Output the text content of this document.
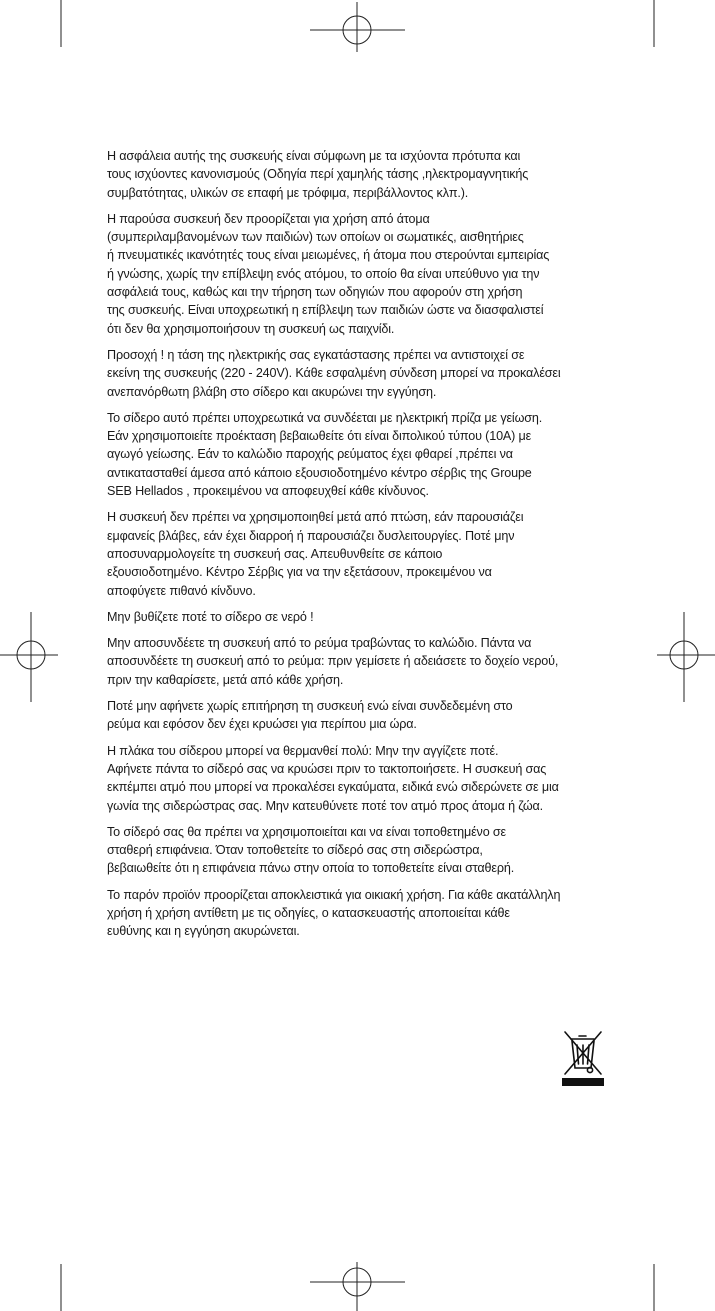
Η ασφάλεια αυτής της συσκευής είναι σύμφωνη με τα ισχύοντα πρότυπα και
τους ισχύοντες κανονισμούς (Οδηγία περί χαμηλής τάσης ,ηλεκτρομαγνητικής
συμβατότητας, υλικών σε επαφή με τρόφιμα, περιβάλλοντος κλπ.).
Η παρούσα συσκευή δεν προορίζεται για χρήση από άτομα
(συμπεριλαμβανομένων των παιδιών) των οποίων οι σωματικές, αισθητήριες
ή πνευματικές ικανότητές τους είναι μειωμένες, ή άτομα που στερούνται εμπειρίας
ή γνώσης, χωρίς την επίβλεψη ενός ατόμου, το οποίο θα είναι υπεύθυνο για την
ασφάλειά τους, καθώς και την τήρηση των οδηγιών που αφορούν στη χρήση
της συσκευής. Είναι υποχρεωτική η επίβλεψη των παιδιών ώστε να διασφαλιστεί
ότι δεν θα χρησιμοποιήσουν τη συσκευή ως παιχνίδι.
Προσοχή ! η τάση της ηλεκτρικής σας εγκατάστασης πρέπει να αντιστοιχεί σε
εκείνη της συσκευής (220 - 240V). Κάθε εσφαλμένη σύνδεση μπορεί να προκαλέσει
ανεπανόρθωτη βλάβη στο σίδερο και ακυρώνει την εγγύηση.
Το σίδερο αυτό πρέπει υποχρεωτικά να συνδέεται με ηλεκτρική πρίζα με γείωση.
Εάν χρησιμοποιείτε προέκταση βεβαιωθείτε ότι είναι διπολικού τύπου (10A) με
αγωγό γείωσης. Εάν το καλώδιο παροχής ρεύματος έχει φθαρεί ,πρέπει να
αντικατασταθεί άμεσα από κάποιο εξουσιοδοτημένο κέντρο σέρβις της Groupe
SEB Hellados , προκειμένου να αποφευχθεί κάθε κίνδυνος.
Η συσκευή δεν πρέπει να χρησιμοποιηθεί μετά από πτώση, εάν παρουσιάζει
εμφανείς βλάβες, εάν έχει διαρροή ή παρουσιάζει δυσλειτουργίες. Ποτέ μην
αποσυναρμολογείτε τη συσκευή σας. Απευθυνθείτε σε κάποιο
εξουσιοδοτημένο. Κέντρο Σέρβις για να την εξετάσουν, προκειμένου να
αποφύγετε πιθανό κίνδυνο.
Μην βυθίζετε ποτέ το σίδερο σε νερό !
Μην αποσυνδέετε τη συσκευή από το ρεύμα τραβώντας το καλώδιο. Πάντα να
αποσυνδέετε τη συσκευή από το ρεύμα: πριν γεμίσετε ή αδειάσετε το δοχείο νερού,
πριν την καθαρίσετε, μετά από κάθε χρήση.
Ποτέ μην αφήνετε χωρίς επιτήρηση τη συσκευή ενώ είναι συνδεδεμένη στο
ρεύμα και εφόσον δεν έχει κρυώσει για περίπου μια ώρα.
Η πλάκα του σίδερου μπορεί να θερμανθεί πολύ: Μην την αγγίζετε ποτέ.
Αφήνετε πάντα το σίδερό σας να κρυώσει πριν το τακτοποιήσετε. Η συσκευή σας
εκπέμπει ατμό που μπορεί να προκαλέσει εγκαύματα, ειδικά ενώ σιδερώνετε σε μια
γωνία της σιδερώστρας σας. Μην κατευθύνετε ποτέ τον ατμό προς άτομα ή ζώα.
Το σίδερό σας θα πρέπει να χρησιμοποιείται και να είναι τοποθετημένο σε
σταθερή επιφάνεια. Όταν τοποθετείτε το σίδερό σας στη σιδερώστρα,
βεβαιωθείτε ότι η επιφάνεια πάνω στην οποία το τοποθετείτε είναι σταθερή.
Το παρόν προϊόν προορίζεται αποκλειστικά για οικιακή χρήση. Για κάθε ακατάλληλη
χρήση ή χρήση αντίθετη με τις οδηγίες, ο κατασκευαστής αποποιείται κάθε
ευθύνης και η εγγύηση ακυρώνεται.
